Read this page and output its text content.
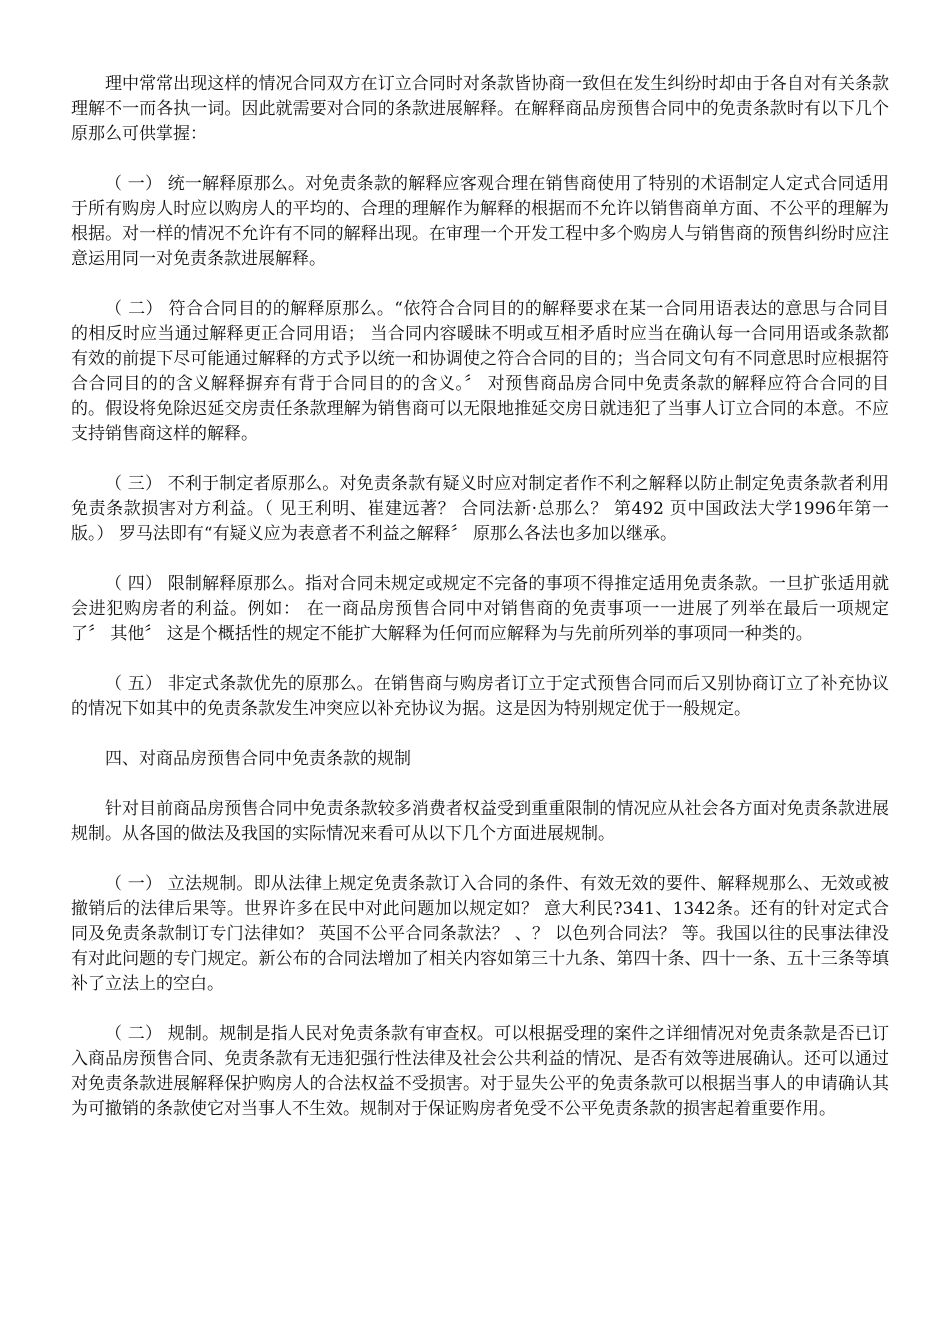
理中常常出现这样的情况合同双方在订立合同时对条款皆协商一致但在发生纠纷时却由于各自对有关条款理解不一而各执一词。因此就需要对合同的条款进展解释。在解释商品房预售合同中的免责条款时有以下几个原那么可供掌握：

（ 一） 统一解释原那么。对免责条款的解释应客观合理在销售商使用了特别的术语制定人定式合同适用于所有购房人时应以购房人的平均的、合理的理解作为解释的根据而不允许以销售商单方面、不公平的理解为根据。对一样的情况不允许有不同的解释出现。在审理一个开发工程中多个购房人与销售商的预售纠纷时应注意运用同一对免责条款进展解释。

（ 二） 符合合同目的的解释原那么。“依符合合同目的的解释要求在某一合同用语表达的意思与合同目的相反时应当通过解释更正合同用语； 当合同内容暖昧不明或互相矛盾时应当在确认每一合同用语或条款都有效的前提下尽可能通过解释的方式予以统一和协调使之符合合同的目的；当合同文句有不同意思时应根据符合合同目的的含义解释摒弃有背于合同目的的含义。〞 对预售商品房合同中免责条款的解释应符合合同的目的。假设将免除迟延交房责任条款理解为销售商可以无限地推延交房日就违犯了当事人订立合同的本意。不应支持销售商这样的解释。

（ 三） 不利于制定者原那么。对免责条款有疑义时应对制定者作不利之解释以防止制定免责条款者利用免责条款损害对方利益。（ 见王利明、崔建远著？ 合同法新·总那么？ 第492 页中国政法大学1996年第一版。） 罗马法即有“有疑义应为表意者不利益之解释〞 原那么各法也多加以继承。

（ 四） 限制解释原那么。指对合同未规定或规定不完备的事项不得推定适用免责条款。一旦扩张适用就会进犯购房者的利益。例如： 在一商品房预售合同中对销售商的免责事项一一进展了列举在最后一项规定了〞 其他〞 这是个概括性的规定不能扩大解释为任何而应解释为与先前所列举的事项同一种类的。

（ 五） 非定式条款优先的原那么。在销售商与购房者订立于定式预售合同而后又别协商订立了补充协议的情况下如其中的免责条款发生冲突应以补充协议为据。这是因为特别规定优于一般规定。

四、对商品房预售合同中免责条款的规制

针对目前商品房预售合同中免责条款较多消费者权益受到重重限制的情况应从社会各方面对免责条款进展规制。从各国的做法及我国的实际情况来看可从以下几个方面进展规制。

（ 一） 立法规制。即从法律上规定免责条款订入合同的条件、有效无效的要件、解释规那么、无效或被撤销后的法律后果等。世界许多在民中对此问题加以规定如？ 意大利民?341、1342条。还有的针对定式合同及免责条款制订专门法律如？ 英国不公平合同条款法？ 、？ 以色列合同法？ 等。我国以往的民事法律没有对此问题的专门规定。新公布的合同法增加了相关内容如第三十九条、第四十条、四十一条、五十三条等填补了立法上的空白。

（ 二） 规制。规制是指人民对免责条款有审查权。可以根据受理的案件之详细情况对免责条款是否已订入商品房预售合同、免责条款有无违犯强行性法律及社会公共利益的情况、是否有效等进展确认。还可以通过对免责条款进展解释保护购房人的合法权益不受损害。对于显失公平的免责条款可以根据当事人的申请确认其为可撤销的条款使它对当事人不生效。规制对于保证购房者免受不公平免责条款的损害起着重要作用。
